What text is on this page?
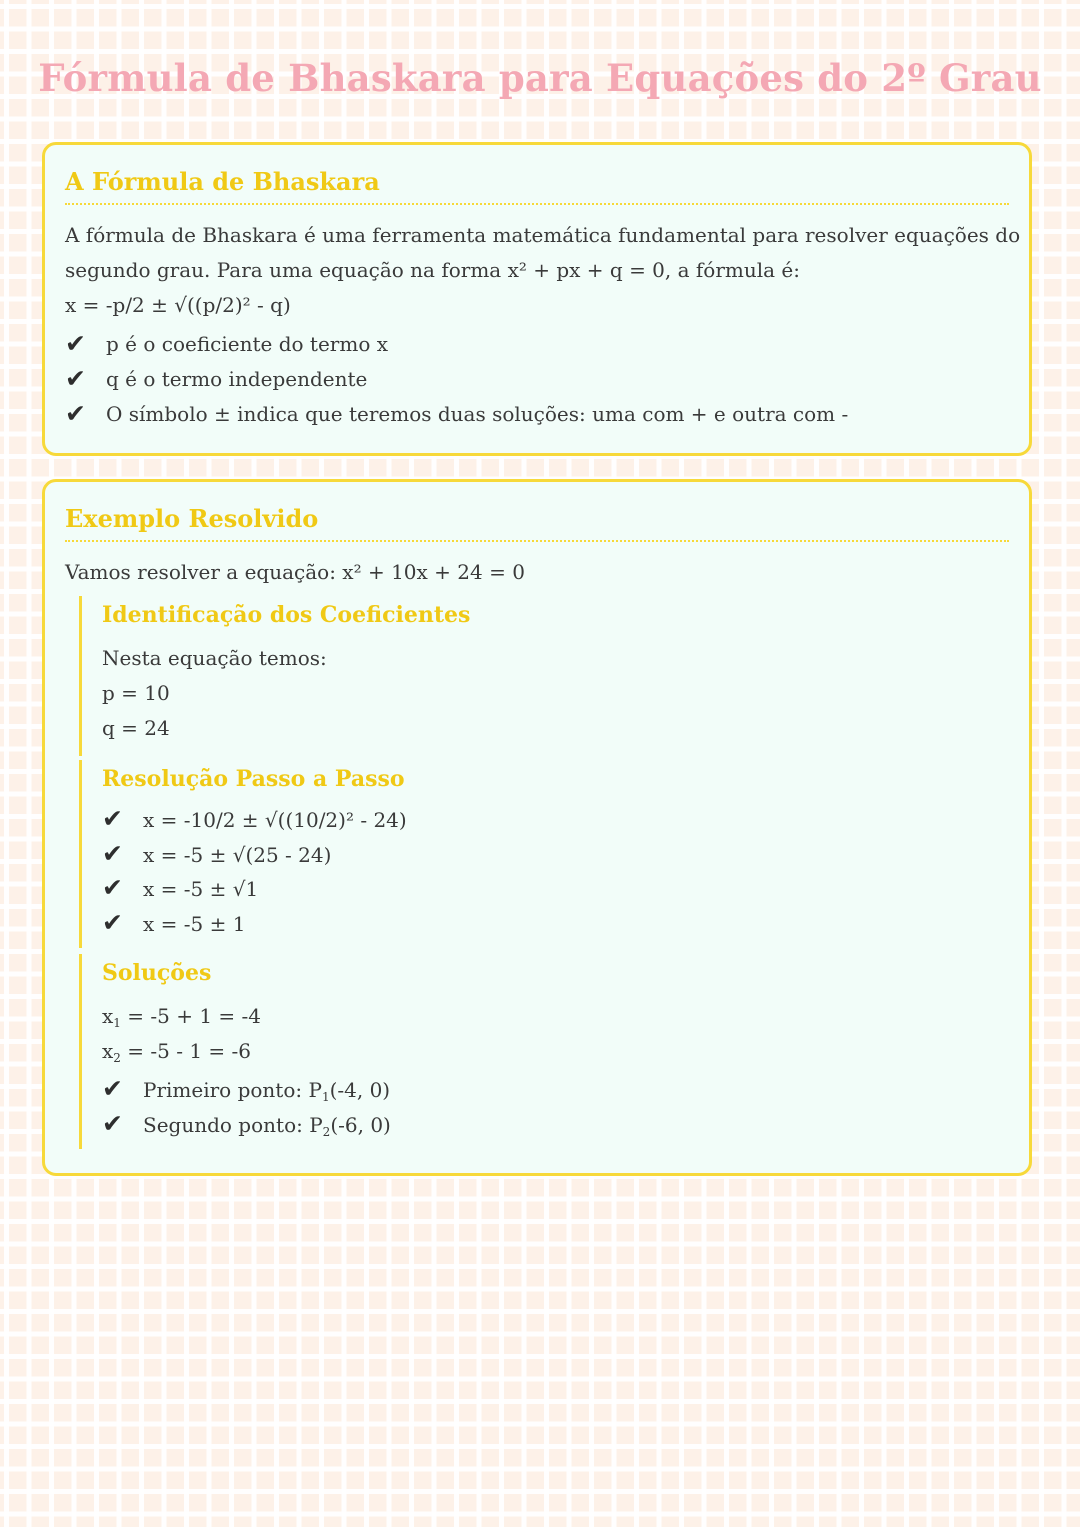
Fórmula de Bhaskara para Equações do 2º Grau
A Fórmula de Bhaskara
A fórmula de Bhaskara é uma ferramenta matemática fundamental para resolver equações do
segundo grau. Para uma equação na forma x² + px + q = 0, a fórmula é:
x = -p/2 ± √((p/2)² - q)
✔ p é o coeficiente do termo x
✔ q é o termo independente
✔ O símbolo ± indica que teremos duas soluções: uma com + e outra com -
Exemplo Resolvido
Vamos resolver a equação: x² + 10x + 24 = 0
Identificação dos Coeficientes
Nesta equação temos:
p = 10
q = 24
Resolução Passo a Passo
✔ x = -10/2 ± √((10/2)² - 24)
✔ x = -5 ± √(25 - 24)
✔ x = -5 ± √1
✔ x = -5 ± 1
Soluções
$x_1 = -5 + 1 = -4$
$x_2 = -5 - 1 = -6$
✔ Primeiro ponto: $P_1(-4$, 0)
✔ Segundo ponto: $P_2(-6$, 0)
